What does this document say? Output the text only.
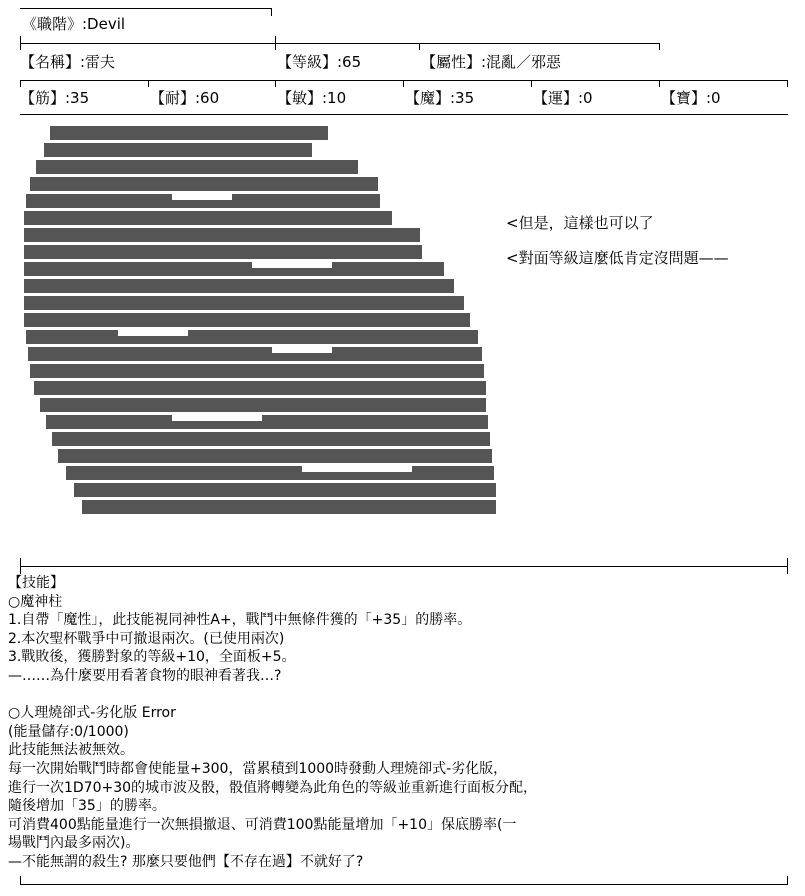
《職階》:Devil
【名稱】:雷夫	【等級】:65	【屬性】:混亂／邪惡
【筋】:35	【耐】:60	【敏】:10	【魔】:35	【運】:0	【寶】:0
<但是，這樣也可以了
<對面等級這麼低肯定沒問題——
【技能】
○魔神柱
1.自帶「魔性」，此技能視同神性A+，戰鬥中無條件獲的「+35」的勝率。
2.本次聖杯戰爭中可撤退兩次。(已使用兩次)
3.戰敗後，獲勝對象的等級+10，全面板+5。
—……為什麼要用看著食物的眼神看著我…?
○人理燒卻式-劣化版 Error
(能量儲存:0/1000)
此技能無法被無效。
每一次開始戰鬥時都會使能量+300，當累積到1000時發動人理燒卻式-劣化版，
進行一次1D70+30的城市波及骰，骰值將轉變為此角色的等級並重新進行面板分配，
隨後增加「35」的勝率。
可消費400點能量進行一次無損撤退、可消費100點能量增加「+10」保底勝率(一
場戰鬥內最多兩次)。
—不能無謂的殺生? 那麼只要他們【不存在過】不就好了?
